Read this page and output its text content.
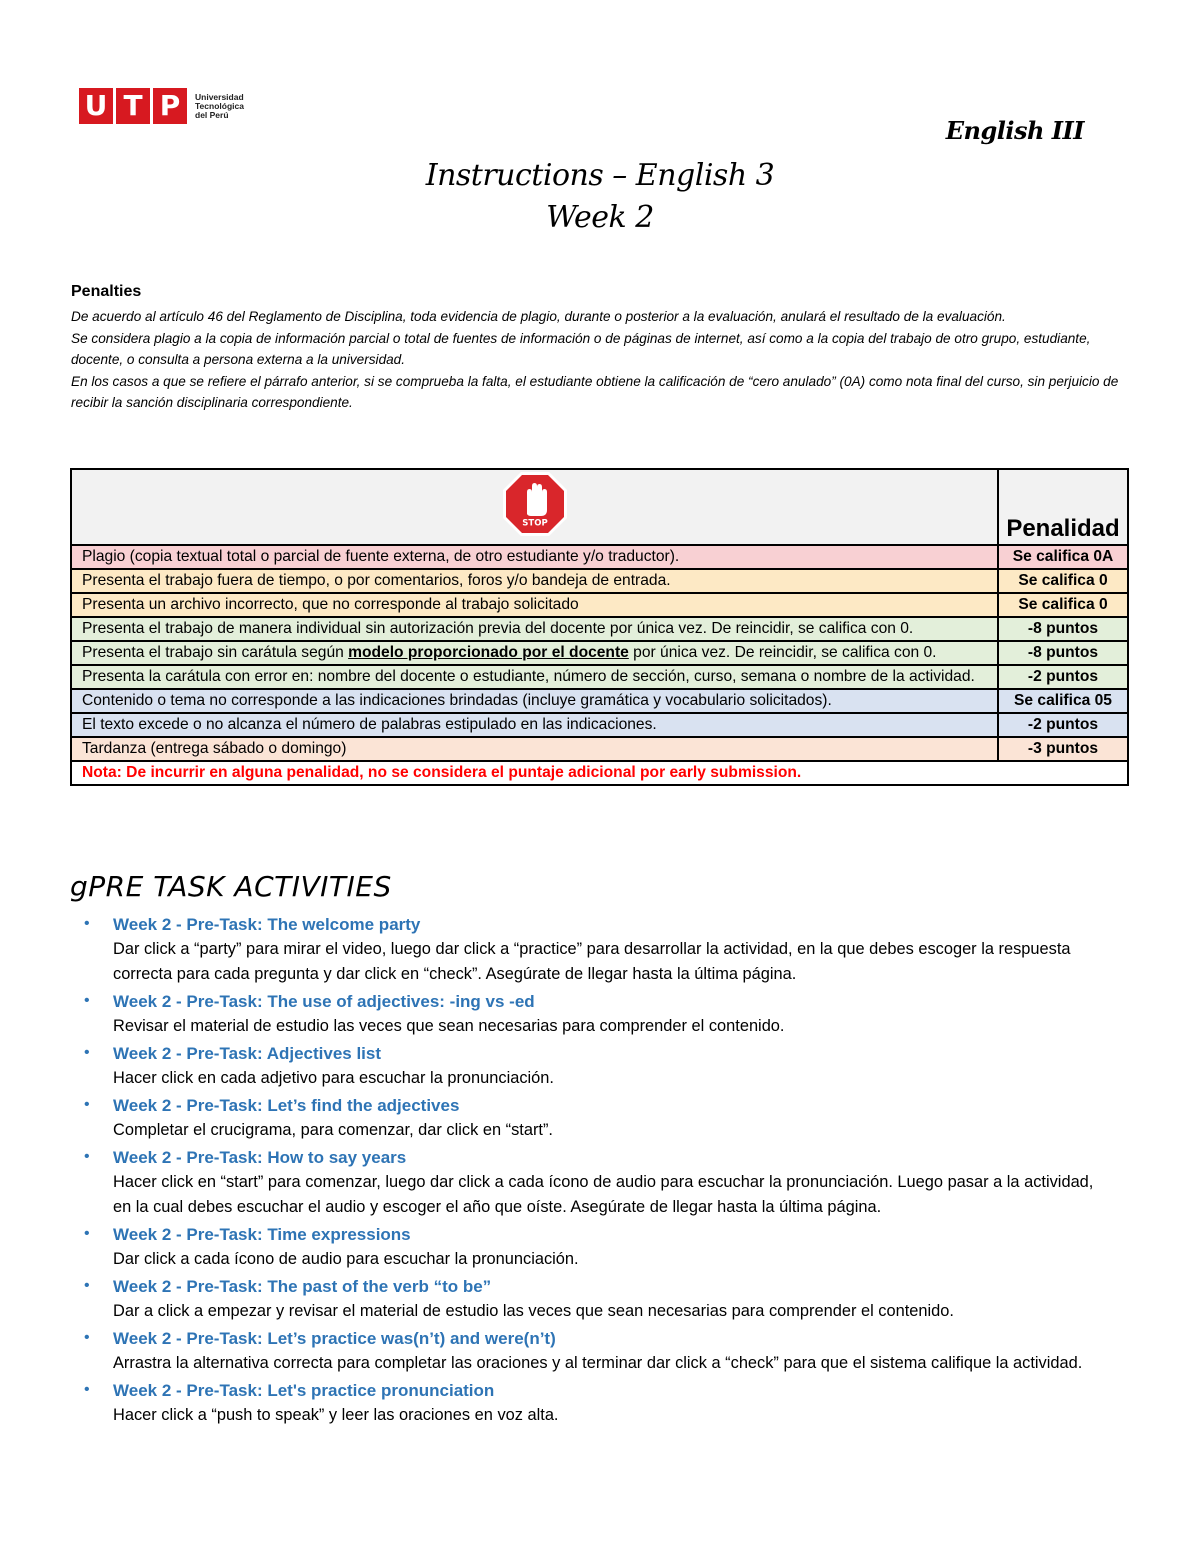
U T P	Universidad
Tecnológica
del Perú
English III
Instructions – English 3
Week 2
Penalties

De acuerdo al artículo 46 del Reglamento de Disciplina, toda evidencia de plagio, durante o posterior a la evaluación, anulará el resultado de la evaluación.

Se considera plagio a la copia de información parcial o total de fuentes de información o de páginas de internet, así como a la copia del trabajo de otro grupo, estudiante, docente, o consulta a persona externa a la universidad.

En los casos a que se refiere el párrafo anterior, si se comprueba la falta, el estudiante obtiene la calificación de “cero anulado” (0A) como nota final del curso, sin perjuicio de recibir la sanción disciplinaria correspondiente.

STOP	Penalidad
Plagio (copia textual total o parcial de fuente externa, de otro estudiante y/o traductor).	Se califica 0A
Presenta el trabajo fuera de tiempo, o por comentarios, foros y/o bandeja de entrada.	Se califica 0
Presenta un archivo incorrecto, que no corresponde al trabajo solicitado	Se califica 0
Presenta el trabajo de manera individual sin autorización previa del docente por única vez. De reincidir, se califica con 0.	-8 puntos
Presenta el trabajo sin carátula según modelo proporcionado por el docente por única vez. De reincidir, se califica con 0.	-8 puntos
Presenta la carátula con error en: nombre del docente o estudiante, número de sección, curso, semana o nombre de la actividad.	-2 puntos
Contenido o tema no corresponde a las indicaciones brindadas (incluye gramática y vocabulario solicitados).	Se califica 05
El texto excede o no alcanza el número de palabras estipulado en las indicaciones.	-2 puntos
Tardanza (entrega sábado o domingo)	-3 puntos
Nota: De incurrir en alguna penalidad, no se considera el puntaje adicional por early submission.	
gPRE TASK ACTIVITIES
• Week 2 - Pre-Task: The welcome party
Dar click a “party” para mirar el video, luego dar click a “practice” para desarrollar la actividad, en la que debes escoger la respuesta correcta para cada pregunta y dar click en “check”. Asegúrate de llegar hasta la última página.
• Week 2 - Pre-Task: The use of adjectives: -ing vs -ed
Revisar el material de estudio las veces que sean necesarias para comprender el contenido.
• Week 2 - Pre-Task: Adjectives list
Hacer click en cada adjetivo para escuchar la pronunciación.
• Week 2 - Pre-Task: Let’s find the adjectives
Completar el crucigrama, para comenzar, dar click en “start”.
• Week 2 - Pre-Task: How to say years
Hacer click en “start” para comenzar, luego dar click a cada ícono de audio para escuchar la pronunciación. Luego pasar a la actividad, en la cual debes escuchar el audio y escoger el año que oíste. Asegúrate de llegar hasta la última página.
• Week 2 - Pre-Task: Time expressions
Dar click a cada ícono de audio para escuchar la pronunciación.
• Week 2 - Pre-Task: The past of the verb “to be”
Dar a click a empezar y revisar el material de estudio las veces que sean necesarias para comprender el contenido.
• Week 2 - Pre-Task: Let’s practice was(n’t) and were(n’t)
Arrastra la alternativa correcta para completar las oraciones y al terminar dar click a “check” para que el sistema califique la actividad.
• Week 2 - Pre-Task: Let's practice pronunciation
Hacer click a “push to speak” y leer las oraciones en voz alta.
